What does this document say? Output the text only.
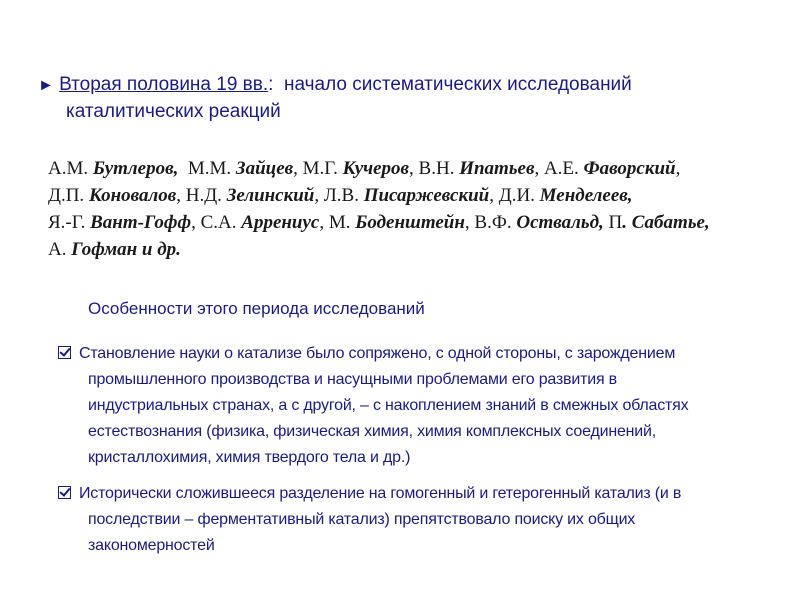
► Вторая половина 19 вв.:  начало систематических исследований
каталитических реакций
А.М. Бутлеров, М.М. Зайцев, М.Г. Кучеров, В.Н. Ипатьев, А.Е. Фаворский,
Д.П. Коновалов, Н.Д. Зелинский, Л.В. Писаржевский, Д.И. Менделеев,
Я.-Г. Вант-Гофф, С.А. Аррениус, М. Боденштейн, В.Ф. Оствальд, П. Сабатье,
А. Гофман и др.
Особенности этого периода исследований
Становление науки о катализе было сопряжено, с одной стороны, с зарождением
промышленного производства и насущными проблемами его развития в
индустриальных странах, а с другой, – с накоплением знаний в смежных областях
естествознания (физика, физическая химия, химия комплексных соединений,
кристаллохимия, химия твердого тела и др.)
Исторически сложившееся разделение на гомогенный и гетерогенный катализ (и в
последствии – ферментативный катализ) препятствовало поиску их общих
закономерностей
